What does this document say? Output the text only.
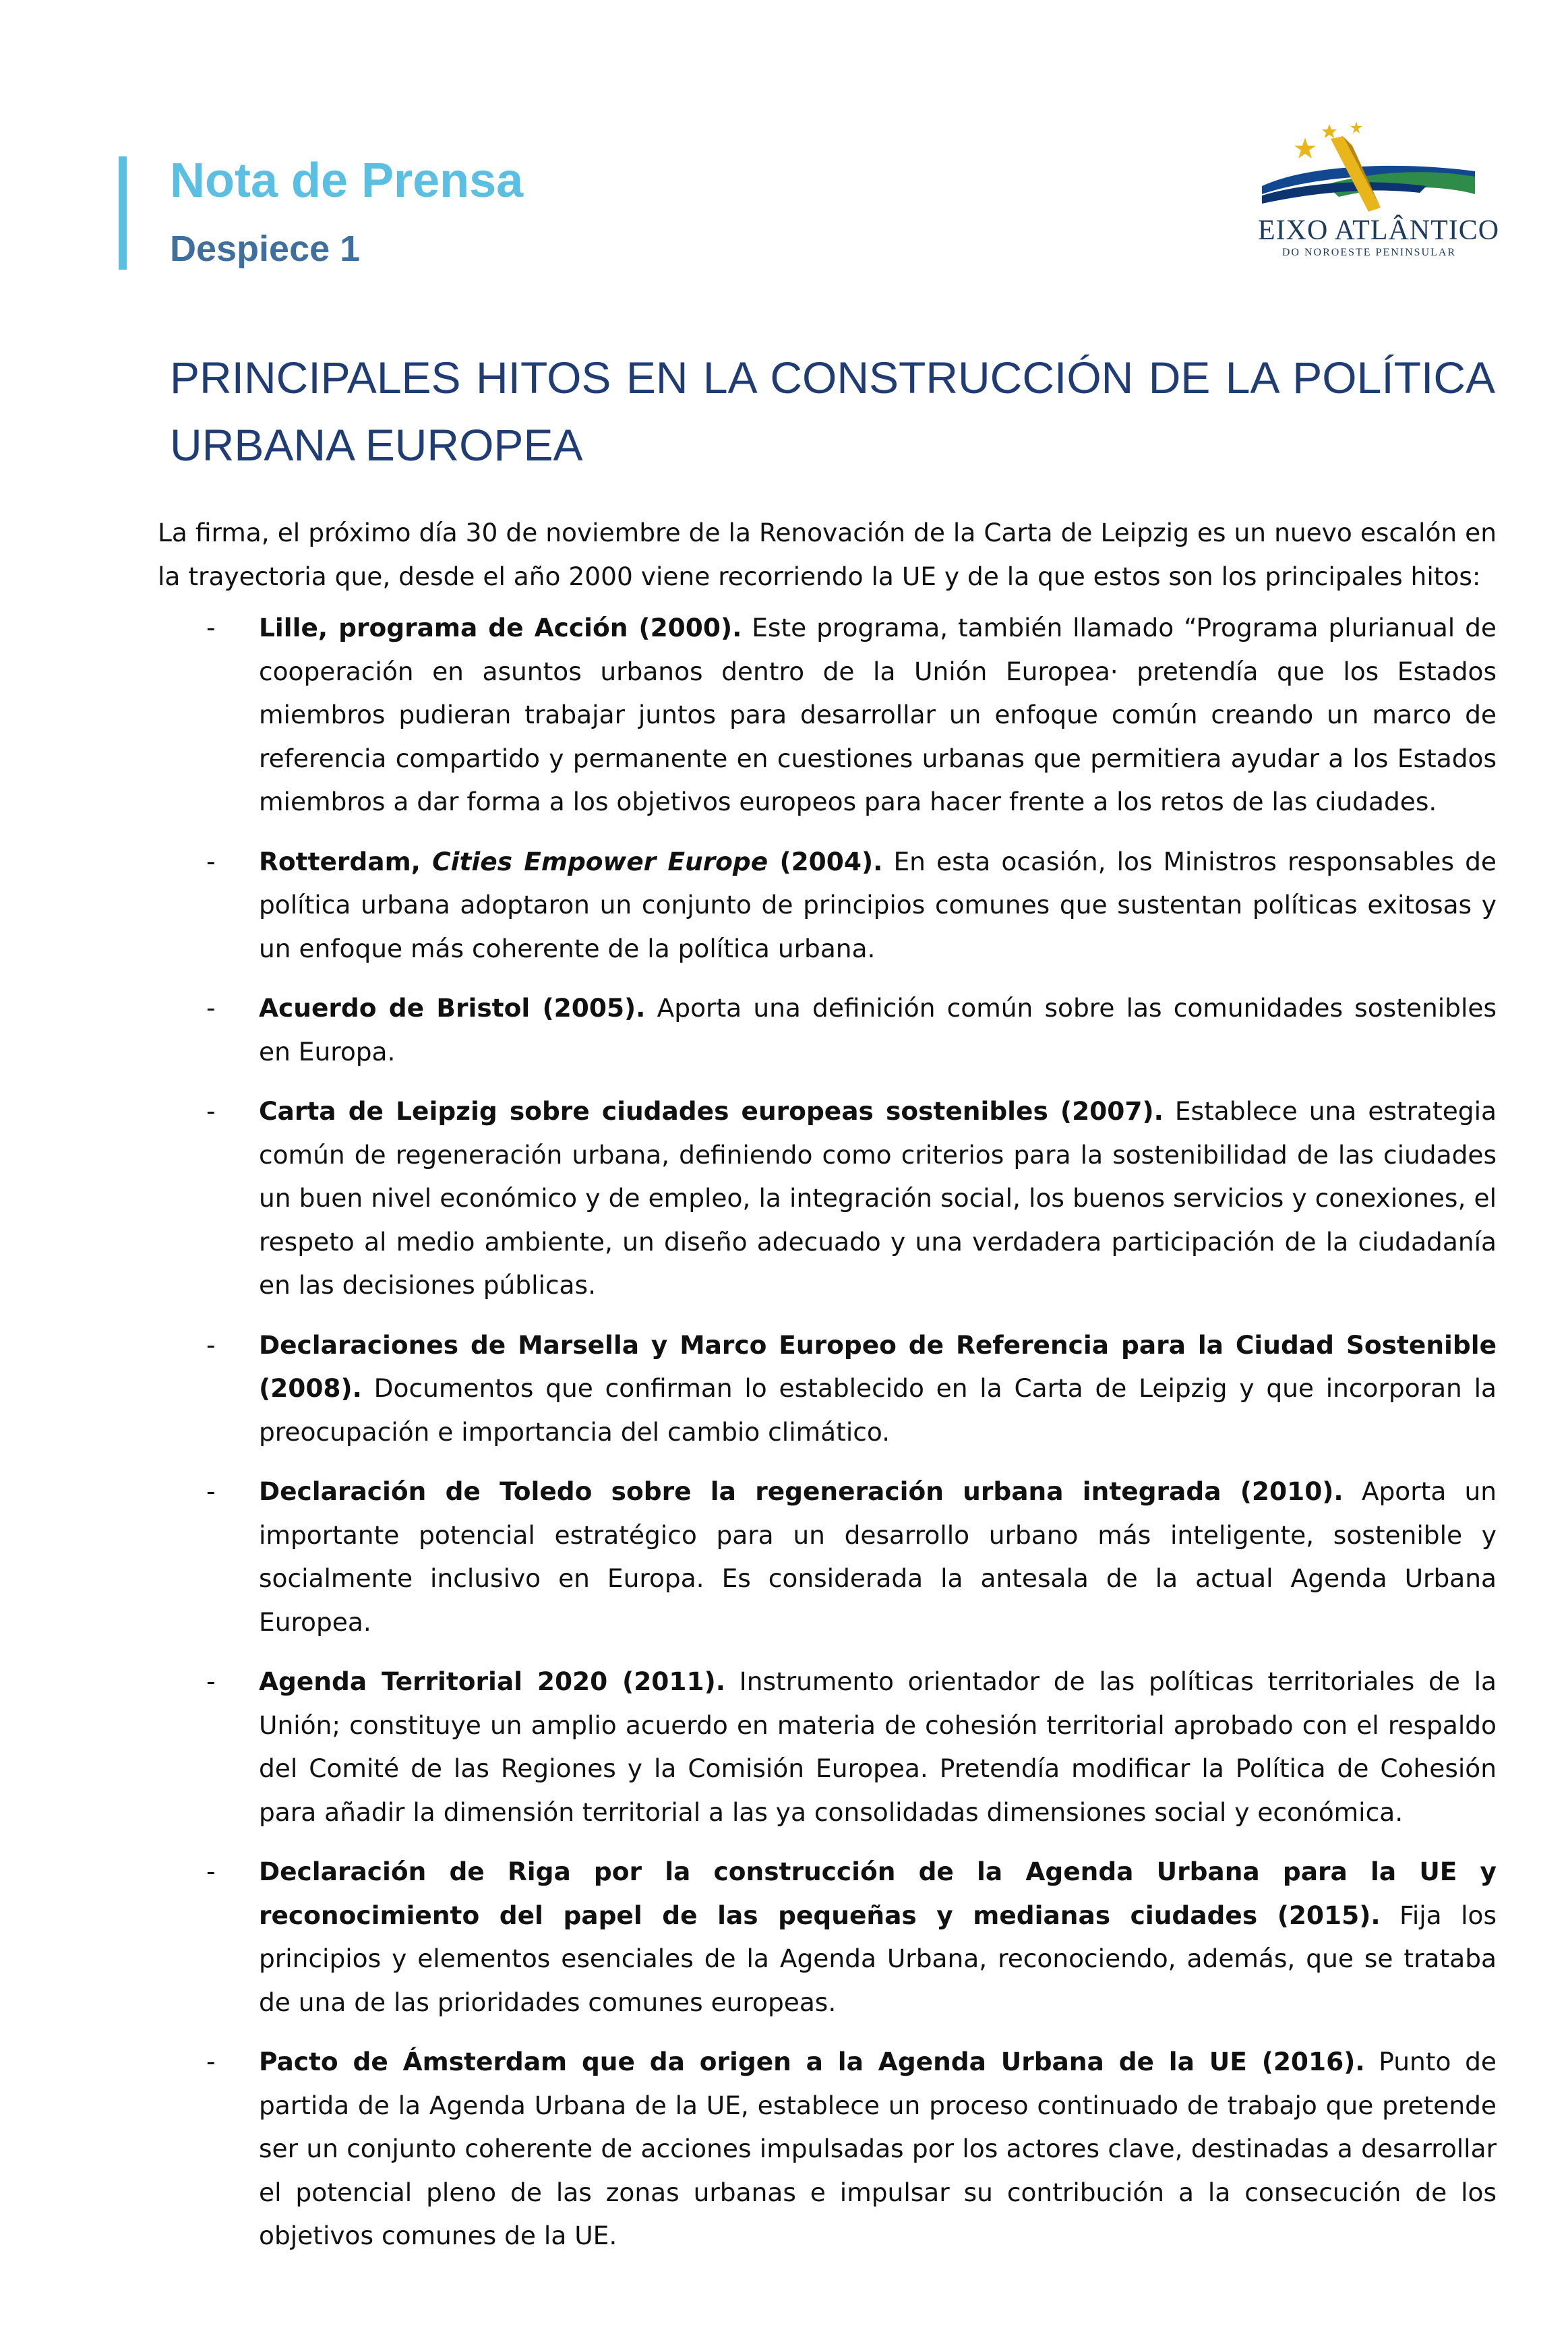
Nota de Prensa
Despiece 1	EIXO ATLÂNTICO
DO NOROESTE PENINSULAR
PRINCIPALES HITOS EN LA CONSTRUCCIÓN DE LA POLÍTICA URBANA EUROPEA

La firma, el próximo día 30 de noviembre de la Renovación de la Carta de Leipzig es un nuevo escalón en la trayectoria que, desde el año 2000 viene recorriendo la UE y de la que estos son los principales hitos:

- Lille, programa de Acción (2000). Este programa, también llamado “Programa plurianual de cooperación en asuntos urbanos dentro de la Unión Europea· pretendía que los Estados miembros pudieran trabajar juntos para desarrollar un enfoque común creando un marco de referencia compartido y permanente en cuestiones urbanas que permitiera ayudar a los Estados miembros a dar forma a los objetivos europeos para hacer frente a los retos de las ciudades.
- Rotterdam, Cities Empower Europe (2004). En esta ocasión, los Ministros responsables de política urbana adoptaron un conjunto de principios comunes que sustentan políticas exitosas y un enfoque más coherente de la política urbana.
- Acuerdo de Bristol (2005). Aporta una definición común sobre las comunidades sostenibles en Europa.
- Carta de Leipzig sobre ciudades europeas sostenibles (2007). Establece una estrategia común de regeneración urbana, definiendo como criterios para la sostenibilidad de las ciudades un buen nivel económico y de empleo, la integración social, los buenos servicios y conexiones, el respeto al medio ambiente, un diseño adecuado y una verdadera participación de la ciudadanía en las decisiones públicas.
- Declaraciones de Marsella y Marco Europeo de Referencia para la Ciudad Sostenible (2008). Documentos que confirman lo establecido en la Carta de Leipzig y que incorporan la preocupación e importancia del cambio climático.
- Declaración de Toledo sobre la regeneración urbana integrada (2010). Aporta un importante potencial estratégico para un desarrollo urbano más inteligente, sostenible y socialmente inclusivo en Europa. Es considerada la antesala de la actual Agenda Urbana Europea.
- Agenda Territorial 2020 (2011). Instrumento orientador de las políticas territoriales de la Unión; constituye un amplio acuerdo en materia de cohesión territorial aprobado con el respaldo del Comité de las Regiones y la Comisión Europea. Pretendía modificar la Política de Cohesión para añadir la dimensión territorial a las ya consolidadas dimensiones social y económica.
- Declaración de Riga por la construcción de la Agenda Urbana para la UE y reconocimiento del papel de las pequeñas y medianas ciudades (2015). Fija los principios y elementos esenciales de la Agenda Urbana, reconociendo, además, que se trataba de una de las prioridades comunes europeas.
- Pacto de Ámsterdam que da origen a la Agenda Urbana de la UE (2016). Punto de partida de la Agenda Urbana de la UE, establece un proceso continuado de trabajo que pretende ser un conjunto coherente de acciones impulsadas por los actores clave, destinadas a desarrollar el potencial pleno de las zonas urbanas e impulsar su contribución a la consecución de los objetivos comunes de la UE.
